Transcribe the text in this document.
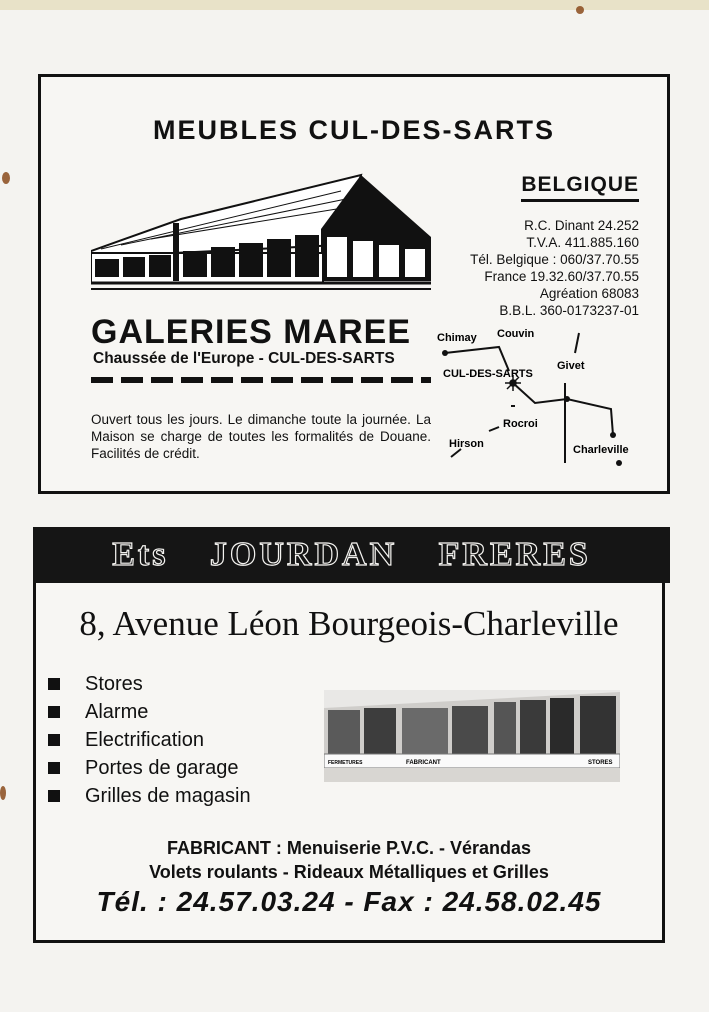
MEUBLES CUL-DES-SARTS
BELGIQUE
R.C. Dinant 24.252
T.V.A. 411.885.160
Tél. Belgique : 060/37.70.55
France 19.32.60/37.70.55
Agréation 68083
B.B.L. 360-0173237-01
GALERIES MAREE
Chaussée de l'Europe - CUL-DES-SARTS
Ouvert tous les jours. Le dimanche toute la journée. La Maison se charge de toutes les formalités de Douane. Facilités de crédit.
Chimay Couvin
Givet
CUL-DES-SARTS
Rocroi
Hirson	Charleville
Ets JOURDAN FRERES
8, Avenue Léon Bourgeois-Charleville
Stores
Alarme
Electrification
Portes de garage
Grilles de magasin
FERMETURES	FABRICANT	STORES
FABRICANT : Menuiserie P.V.C. - Vérandas
Volets roulants - Rideaux Métalliques et Grilles
Tél. : 24.57.03.24 - Fax : 24.58.02.45
